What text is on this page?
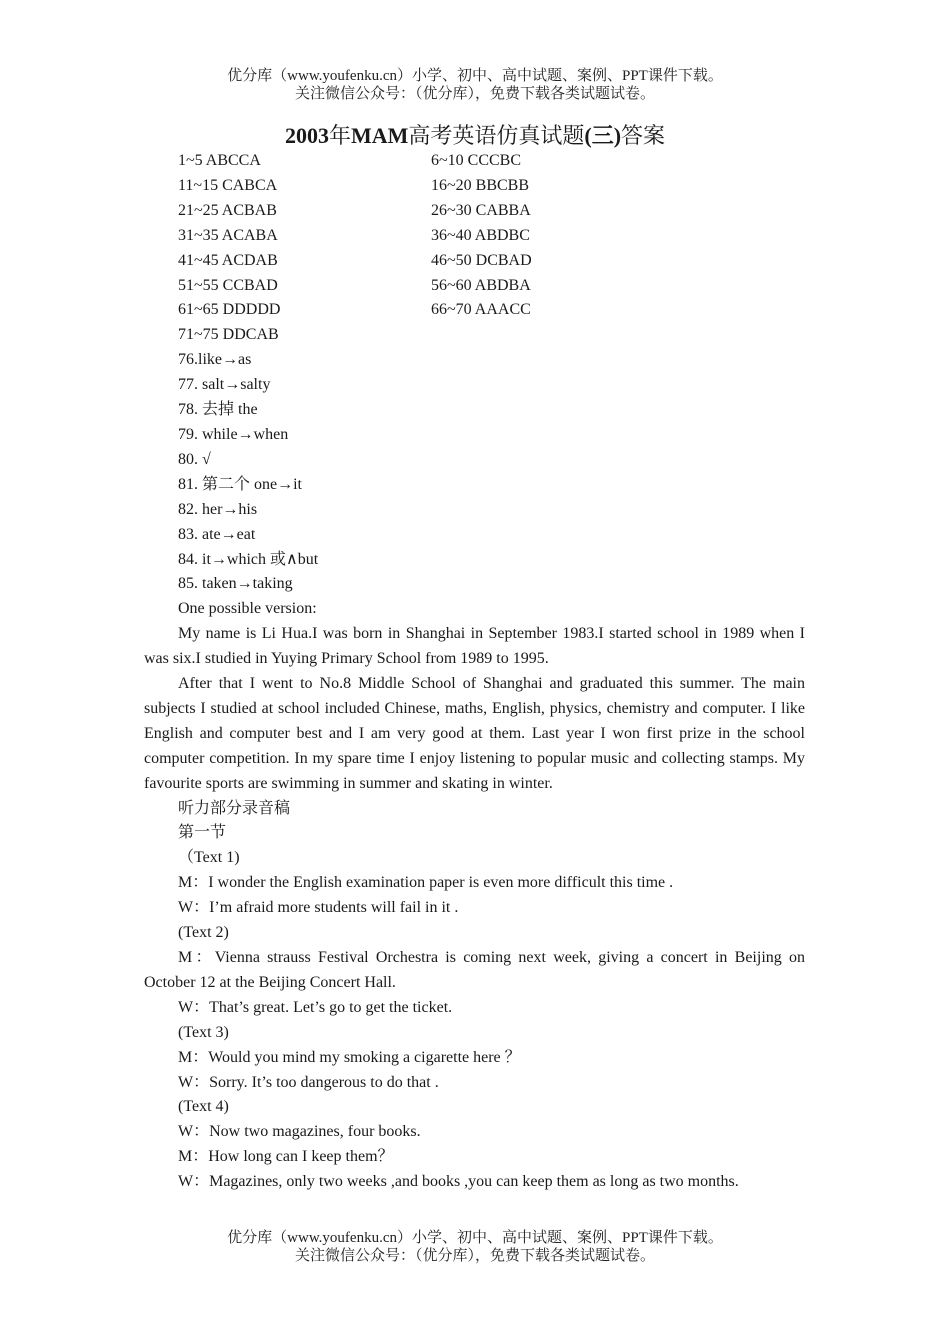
优分库（www.youfenku.cn）小学、初中、高中试题、案例、PPT课件下载。
关注微信公众号：（优分库），免费下载各类试题试卷。
2003年MAM高考英语仿真试题(三)答案
1~5 ABCCA	6~10 CCCBC
11~15 CABCA	16~20 BBCBB
21~25 ACBAB	26~30 CABBA
31~35 ACABA	36~40 ABDBC
41~45 ACDAB	46~50 DCBAD
51~55 CCBAD	56~60 ABDBA
61~65 DDDDD	66~70 AAACC
71~75 DDCAB
76.like→as
77. salt→salty
78. 去掉 the
79. while→when
80. √
81. 第二个 one→it
82. her→his
83. ate→eat
84. it→which 或∧but
85. taken→taking
One possible version:
My name is Li Hua.I was born in Shanghai in September 1983.I started school in 1989 when I was six.I studied in Yuying Primary School from 1989 to 1995.
After that I went to No.8 Middle School of Shanghai and graduated this summer. The main subjects I studied at school included Chinese, maths, English, physics, chemistry and computer. I like English and computer best and I am very good at them. Last year I won first prize in the school computer competition. In my spare time I enjoy listening to popular music and collecting stamps. My favourite sports are swimming in summer and skating in winter.
听力部分录音稿
第一节
（Text 1)
M：I wonder the English examination paper is even more difficult this time .
W：I’m afraid more students will fail in it .
(Text 2)
M：Vienna strauss Festival Orchestra is coming next week, giving a concert in Beijing on October 12 at the Beijing Concert Hall.
W：That’s great. Let’s go to get the ticket.
(Text 3)
M：Would you mind my smoking a cigarette here ？
W：Sorry. It’s too dangerous to do that .
(Text 4)
W：Now two magazines, four books.
M：How long can I keep them？
W：Magazines, only two weeks ,and books ,you can keep them as long as two months.
优分库（www.youfenku.cn）小学、初中、高中试题、案例、PPT课件下载。
关注微信公众号：（优分库），免费下载各类试题试卷。
